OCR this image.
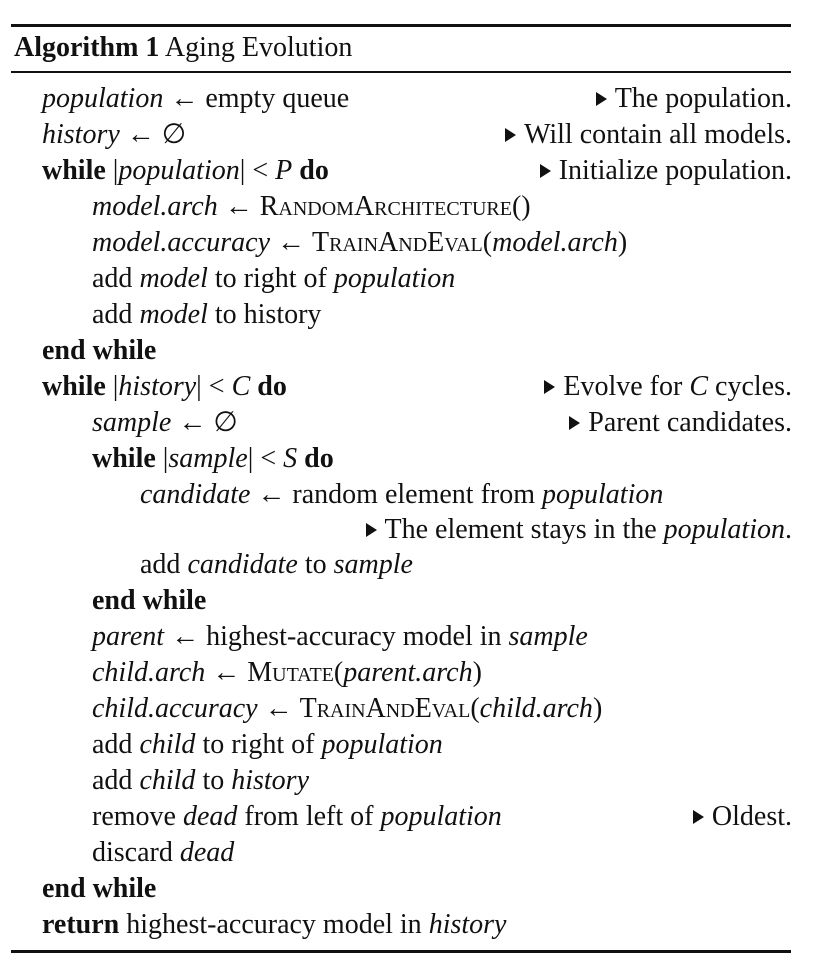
Algorithm 1 Aging Evolution
population ← empty queue	The population.
history ← ∅	Will contain all models.
while |population| < P do	Initialize population.
model.arch ← RandomArchitecture()
model.accuracy ← TrainAndEval(model.arch)
add model to right of population
add model to history
end while
while |history| < C do	Evolve for C cycles.
sample ← ∅	Parent candidates.
while |sample| < S do
candidate ← random element from population
The element stays in the population.
add candidate to sample
end while
parent ← highest-accuracy model in sample
child.arch ← Mutate(parent.arch)
child.accuracy ← TrainAndEval(child.arch)
add child to right of population
add child to history
remove dead from left of population	Oldest.
discard dead
end while
return highest-accuracy model in history
